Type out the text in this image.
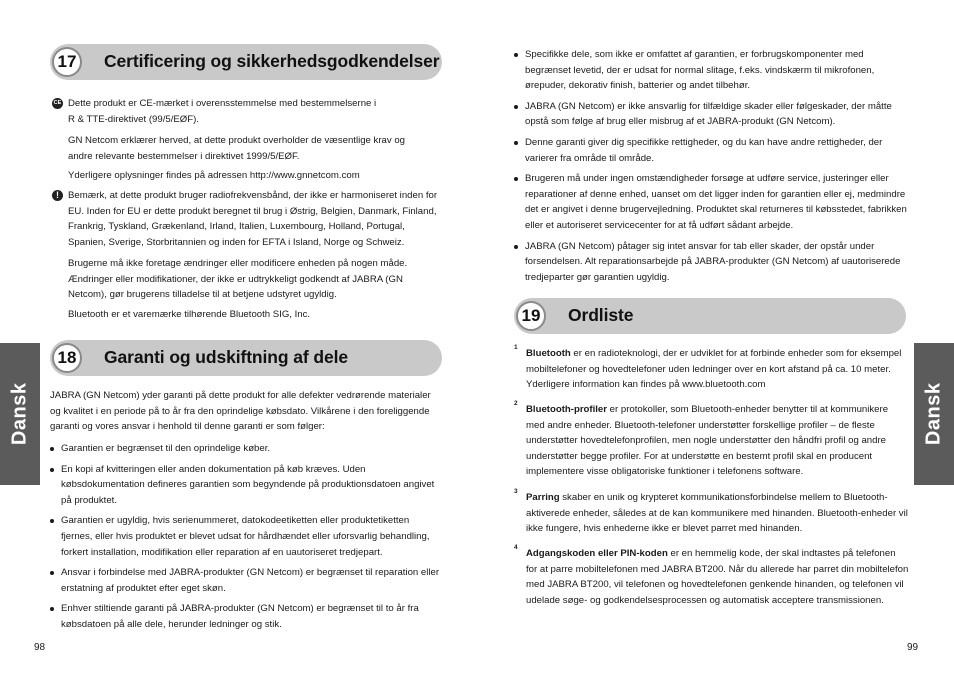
Dansk	Dansk
17	Certificering og sikkerhedsgodkendelser
CE Dette produkt er CE-mærket i overensstemmelse med bestemmelserne i
R & TTE-direktivet (99/5/EØF).

GN Netcom erklærer herved, at dette produkt overholder de væsentlige krav og andre relevante bestemmelser i direktivet 1999/5/EØF.

Yderligere oplysninger findes på adressen http://www.gnnetcom.com

! Bemærk, at dette produkt bruger radiofrekvensbånd, der ikke er harmoniseret inden for EU. Inden for EU er dette produkt beregnet til brug i Østrig, Belgien, Danmark, Finland, Frankrig, Tyskland, Grækenland, Irland, Italien, Luxembourg, Holland, Portugal, Spanien, Sverige, Storbritannien og inden for EFTA i Island, Norge og Schweiz.

Brugerne må ikke foretage ændringer eller modificere enheden på nogen måde. Ændringer eller modifikationer, der ikke er udtrykkeligt godkendt af JABRA (GN Netcom), gør brugerens tilladelse til at betjene udstyret ugyldig.

Bluetooth er et varemærke tilhørende Bluetooth SIG, Inc.

18	Garanti og udskiftning af dele

JABRA (GN Netcom) yder garanti på dette produkt for alle defekter vedrørende materialer og kvalitet i en periode på to år fra den oprindelige købsdato. Vilkårene i den foreliggende garanti og vores ansvar i henhold til denne garanti er som følger:

Garantien er begrænset til den oprindelige køber.
En kopi af kvitteringen eller anden dokumentation på køb kræves. Uden købsdokumentation defineres garantien som begyndende på produktionsdatoen angivet på produktet.
Garantien er ugyldig, hvis serienummeret, datokodeetiketten eller produktetiketten fjernes, eller hvis produktet er blevet udsat for hårdhændet eller uforsvarlig behandling, forkert installation, modifikation eller reparation af en uautoriseret tredjepart.
Ansvar i forbindelse med JABRA-produkter (GN Netcom) er begrænset til reparation eller erstatning af produktet efter eget skøn.
Enhver stiltiende garanti på JABRA-produkter (GN Netcom) er begrænset til to år fra købsdatoen på alle dele, herunder ledninger og stik.
98
Specifikke dele, som ikke er omfattet af garantien, er forbrugskomponenter med begrænset levetid, der er udsat for normal slitage, f.eks. vindskærm til mikrofonen, ørepuder, dekorativ finish, batterier og andet tilbehør.
JABRA (GN Netcom) er ikke ansvarlig for tilfældige skader eller følgeskader, der måtte opstå som følge af brug eller misbrug af et JABRA-produkt (GN Netcom).
Denne garanti giver dig specifikke rettigheder, og du kan have andre rettigheder, der varierer fra område til område.
Brugeren må under ingen omstændigheder forsøge at udføre service, justeringer eller reparationer af denne enhed, uanset om det ligger inden for garantien eller ej, medmindre det er angivet i denne brugervejledning. Produktet skal returneres til købsstedet, fabrikken eller et autoriseret servicecenter for at få udført sådant arbejde.
JABRA (GN Netcom) påtager sig intet ansvar for tab eller skader, der opstår under forsendelsen. Alt reparationsarbejde på JABRA-produkter (GN Netcom) af uautoriserede tredjeparter gør garantien ugyldig.
19	Ordliste
1
Bluetooth er en radioteknologi, der er udviklet for at forbinde enheder som for eksempel mobiltelefoner og hovedtelefoner uden ledninger over en kort afstand på ca. 10 meter. Yderligere information kan findes på www.bluetooth.com
2
Bluetooth-profiler er protokoller, som Bluetooth-enheder benytter til at kommunikere med andre enheder. Bluetooth-telefoner understøtter forskellige profiler – de fleste understøtter hovedtelefonprofilen, men nogle understøtter den håndfri profil og andre understøtter begge profiler. For at understøtte en bestemt profil skal en producent implementere visse obligatoriske funktioner i telefonens software.
3
Parring skaber en unik og krypteret kommunikationsforbindelse mellem to Bluetooth-aktiverede enheder, således at de kan kommunikere med hinanden. Bluetooth-enheder vil ikke fungere, hvis enhederne ikke er blevet parret med hinanden.
4
Adgangskoden eller PIN-koden er en hemmelig kode, der skal indtastes på telefonen for at parre mobiltelefonen med JABRA BT200. Når du allerede har parret din mobiltelefon med JABRA BT200, vil telefonen og hovedtelefonen genkende hinanden, og telefonen vil udelade søge- og godkendelsesprocessen og automatisk accepterе transmissionen.
99
